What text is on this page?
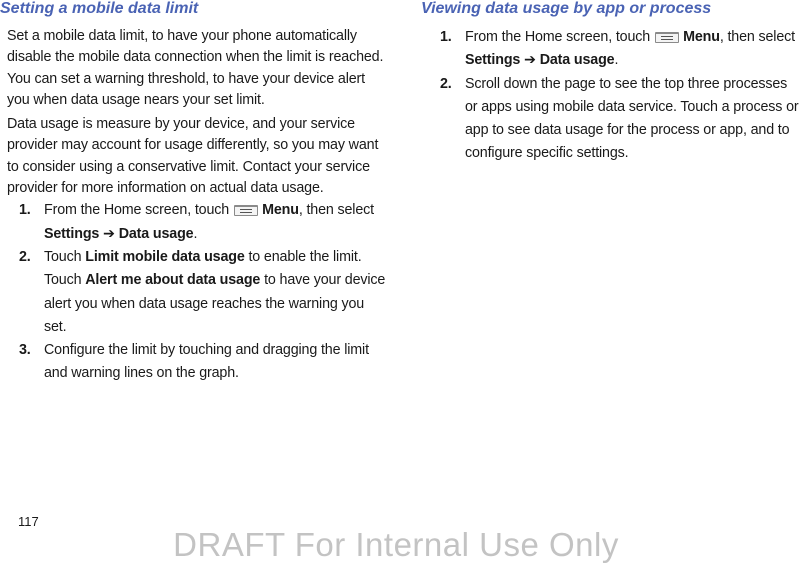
Setting a mobile data limit

Set a mobile data limit, to have your phone automatically disable the mobile data connection when the limit is reached. You can set a warning threshold, to have your device alert you when data usage nears your set limit.

Data usage is measure by your device, and your service provider may account for usage differently, so you may want to consider using a conservative limit. Contact your service provider for more information on actual data usage.

1. From the Home screen, touch Menu, then select Settings ➔ Data usage.
2. Touch Limit mobile data usage to enable the limit. Touch Alert me about data usage to have your device alert you when data usage reaches the warning you set.
3. Configure the limit by touching and dragging the limit and warning lines on the graph.
Viewing data usage by app or process
1. From the Home screen, touch Menu, then select Settings ➔ Data usage.
2. Scroll down the page to see the top three processes or apps using mobile data service. Touch a process or app to see data usage for the process or app, and to configure specific settings.
117
DRAFT For Internal Use Only
